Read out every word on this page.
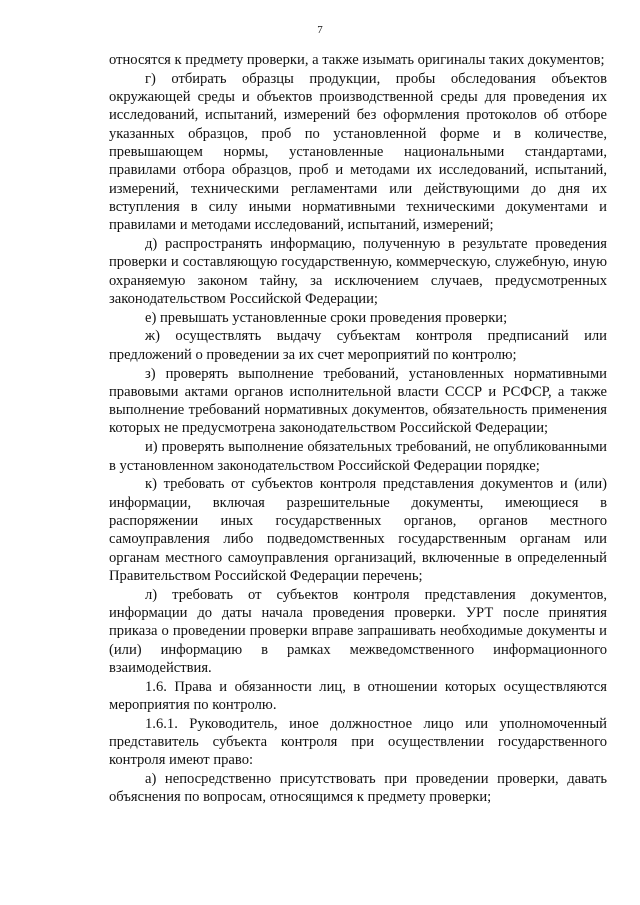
7

относятся к предмету проверки, а также изымать оригиналы таких документов;

г) отбирать образцы продукции, пробы обследования объектов окружающей среды и объектов производственной среды для проведения их исследований, испытаний, измерений без оформления протоколов об отборе указанных образцов, проб по установленной форме и в количестве, превышающем нормы, установленные национальными стандартами, правилами отбора образцов, проб и методами их исследований, испытаний, измерений, техническими регламентами или действующими до дня их вступления в силу иными нормативными техническими документами и правилами и методами исследований, испытаний, измерений;

д) распространять информацию, полученную в результате проведения проверки и составляющую государственную, коммерческую, служебную, иную охраняемую законом тайну, за исключением случаев, предусмотренных законодательством Российской Федерации;

е) превышать установленные сроки проведения проверки;

ж) осуществлять выдачу субъектам контроля предписаний или предложений о проведении за их счет мероприятий по контролю;

з) проверять выполнение требований, установленных нормативными правовыми актами органов исполнительной власти СССР и РСФСР, а также выполнение требований нормативных документов, обязательность применения которых не предусмотрена законодательством Российской Федерации;

и) проверять выполнение обязательных требований, не опубликованными в установленном законодательством Российской Федерации порядке;

к) требовать от субъектов контроля представления документов и (или) информации, включая разрешительные документы, имеющиеся в распоряжении иных государственных органов, органов местного самоуправления либо подведомственных государственным органам или органам местного самоуправления организаций, включенные в определенный Правительством Российской Федерации перечень;

л) требовать от субъектов контроля представления документов, информации до даты начала проведения проверки. УРТ после принятия приказа о проведении проверки вправе запрашивать необходимые документы и (или) информацию в рамках межведомственного информационного взаимодействия.

1.6. Права и обязанности лиц, в отношении которых осуществляются мероприятия по контролю.

1.6.1. Руководитель, иное должностное лицо или уполномоченный представитель субъекта контроля при осуществлении государственного контроля имеют право:

а) непосредственно присутствовать при проведении проверки, давать объяснения по вопросам, относящимся к предмету проверки;
